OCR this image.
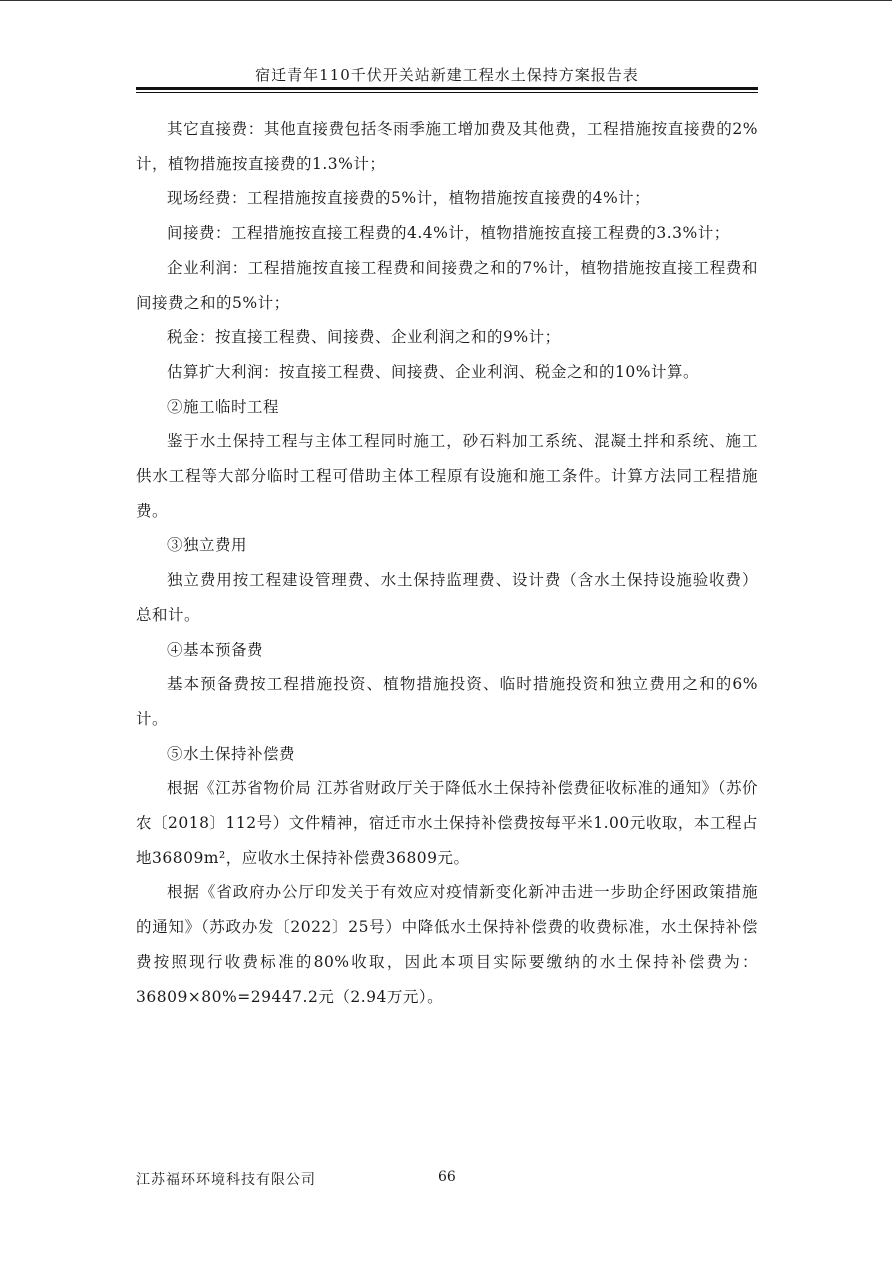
宿迁青年110千伏开关站新建工程水土保持方案报告表

其它直接费：其他直接费包括冬雨季施工增加费及其他费，工程措施按直接费的2%计，植物措施按直接费的1.3%计；

现场经费：工程措施按直接费的5%计，植物措施按直接费的4%计；

间接费：工程措施按直接工程费的4.4%计，植物措施按直接工程费的3.3%计；

企业利润：工程措施按直接工程费和间接费之和的7%计，植物措施按直接工程费和间接费之和的5%计；

税金：按直接工程费、间接费、企业利润之和的9%计；

估算扩大利润：按直接工程费、间接费、企业利润、税金之和的10%计算。

②施工临时工程

鉴于水土保持工程与主体工程同时施工，砂石料加工系统、混凝土拌和系统、施工供水工程等大部分临时工程可借助主体工程原有设施和施工条件。计算方法同工程措施费。

③独立费用

独立费用按工程建设管理费、水土保持监理费、设计费（含水土保持设施验收费）总和计。

④基本预备费

基本预备费按工程措施投资、植物措施投资、临时措施投资和独立费用之和的6%计。

⑤水土保持补偿费

根据《江苏省物价局 江苏省财政厅关于降低水土保持补偿费征收标准的通知》（苏价农〔2018〕112号）文件精神，宿迁市水土保持补偿费按每平米1.00元收取，本工程占地36809m²，应收水土保持补偿费36809元。

根据《省政府办公厅印发关于有效应对疫情新变化新冲击进一步助企纾困政策措施的通知》（苏政办发〔2022〕25号）中降低水土保持补偿费的收费标准，水土保持补偿费按照现行收费标准的80%收取，因此本项目实际要缴纳的水土保持补偿费为：36809×80%=29447.2元（2.94万元）。

江苏福环环境科技有限公司	66
